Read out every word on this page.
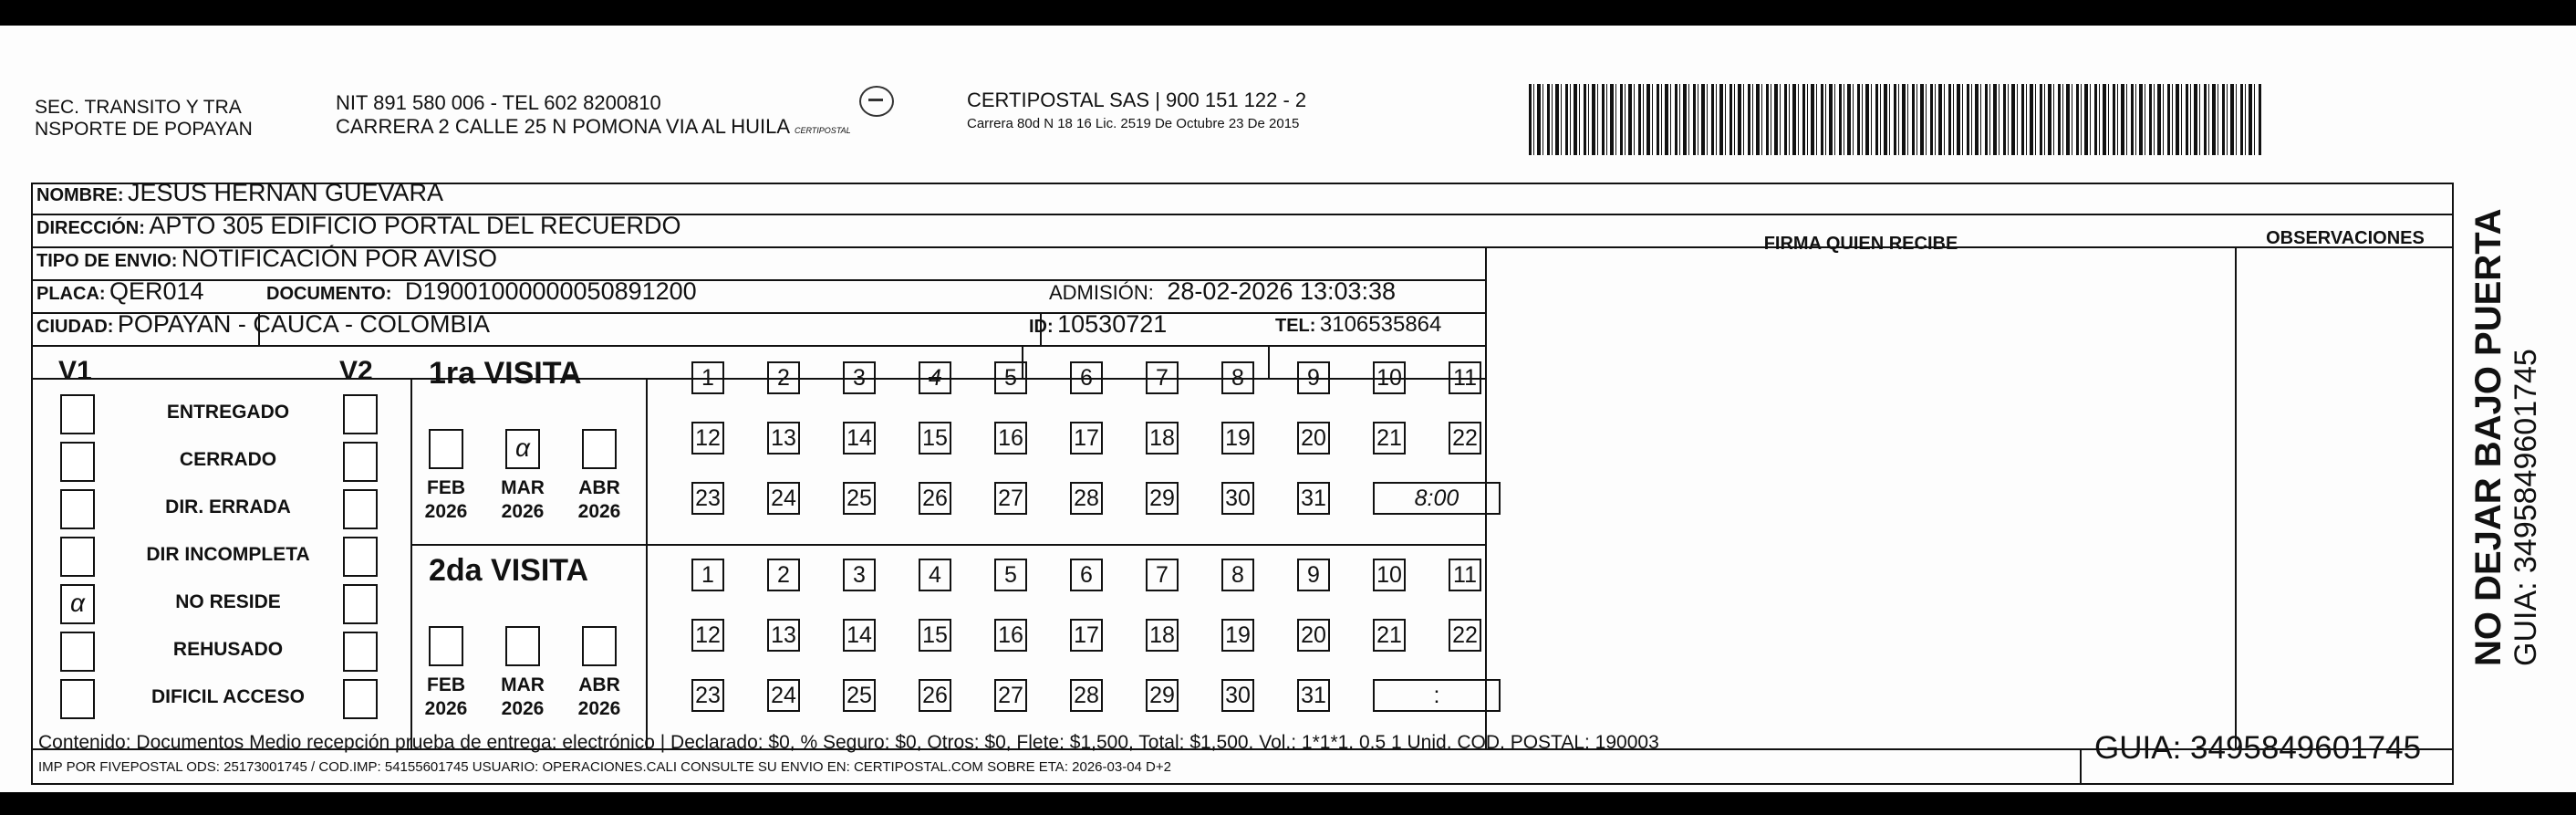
SEC. TRANSITO Y TRA
NSPORTE DE POPAYAN
NIT 891 580 006 - TEL 602 8200810
CARRERA 2 CALLE 25 N POMONA VIA AL HUILA CERTIPOSTAL
CERTIPOSTAL SAS | 900 151 122 - 2
Carrera 80d N 18 16 Lic. 2519 De Octubre 23 De 2015
FIRMA QUIEN RECIBE	OBSERVACIONES
NOMBRE: JESUS HERNAN GUEVARA
DIRECCIÓN: APTO 305 EDIFICIO PORTAL DEL RECUERDO
TIPO DE ENVIO: NOTIFICACIÓN POR AVISO
PLACA: QER014	DOCUMENTO: D19001000000050891200	ADMISIÓN: 28-02-2026 13:03:38
CIUDAD: POPAYAN - CAUCA - COLOMBIA	ID: 10530721	TEL: 3106535864
V1	V2 1ra VISITA
2da VISITA
Contenido: Documentos Medio recepción prueba de entrega: electrónico | Declarado: $0, % Seguro: $0, Otros: $0, Flete: $1,500, Total: $1,500. Vol.: 1*1*1. 0.5 1 Unid. COD. POSTAL: 190003
IMP POR FIVEPOSTAL ODS: 25173001745 / COD.IMP: 54155601745 USUARIO: OPERACIONES.CALI CONSULTE SU ENVIO EN: CERTIPOSTAL.COM SOBRE ETA: 2026-03-04 D+2
GUIA: 3495849601745
NO DEJAR BAJO PUERTA GUIA: 3495849601745
ENTREGADO
CERRADO
DIR. ERRADA
DIR INCOMPLETA
α	NO RESIDE
REHUSADO
DIFICIL ACCESO
FEB
2026
α
MAR
2026
ABR
2026
FEB
2026
MAR
2026
ABR
2026
1	2	3	4	5	6	7	8	9	10 11
12 13 14 15 16 17 18 19 20 21 22
23 24 25 26 27 28 29 30 31	8:00
1	2	3	4	5	6	7	8	9	10 11
12 13 14 15 16 17 18 19 20 21 22
23 24 25 26 27 28 29 30 31	:
